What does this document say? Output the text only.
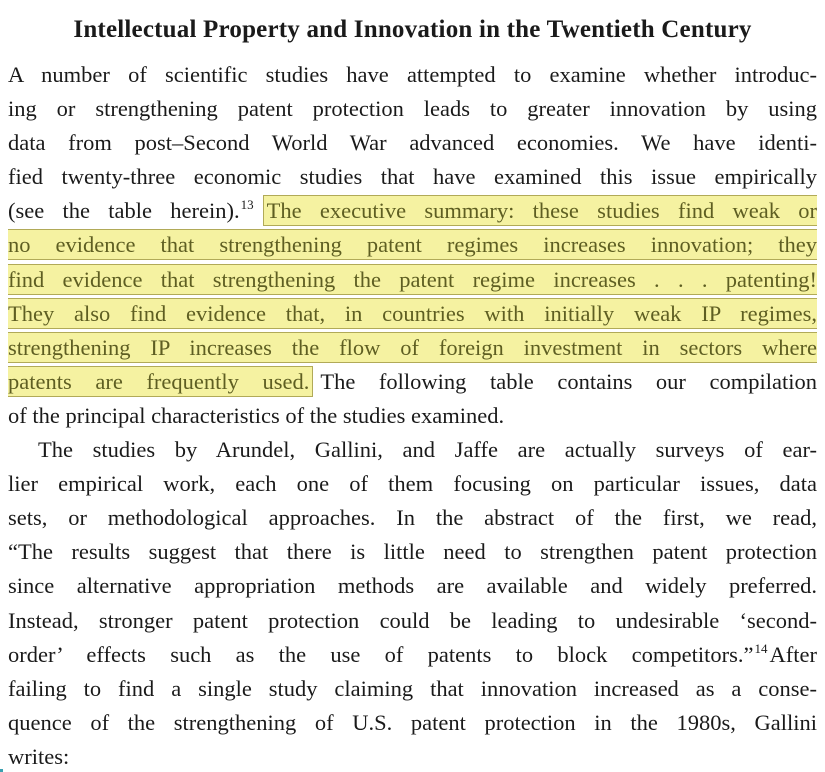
Intellectual Property and Innovation in the Twentieth Century
A number of scientific studies have attempted to examine whether introduc-
ing or strengthening patent protection leads to greater innovation by using
data from post–Second World War advanced economies. We have identi-
fied twenty-three economic studies that have examined this issue empirically
(see the table herein).$^{13}$ The executive summary: these studies find weak or
no evidence that strengthening patent regimes increases innovation; they
find evidence that strengthening the patent regime increases . . . patenting!
They also find evidence that, in countries with initially weak IP regimes,
strengthening IP increases the flow of foreign investment in sectors where
patents are frequently used. The following table contains our compilation
of the principal characteristics of the studies examined.
The studies by Arundel, Gallini, and Jaffe are actually surveys of ear-
lier empirical work, each one of them focusing on particular issues, data
sets, or methodological approaches. In the abstract of the first, we read,
“The results suggest that there is little need to strengthen patent protection
since alternative appropriation methods are available and widely preferred.
Instead, stronger patent protection could be leading to undesirable ‘second-
order’ effects such as the use of patents to block competitors.”$^{14}$After
failing to find a single study claiming that innovation increased as a conse-
quence of the strengthening of U.S. patent protection in the 1980s, Gallini
writes:
